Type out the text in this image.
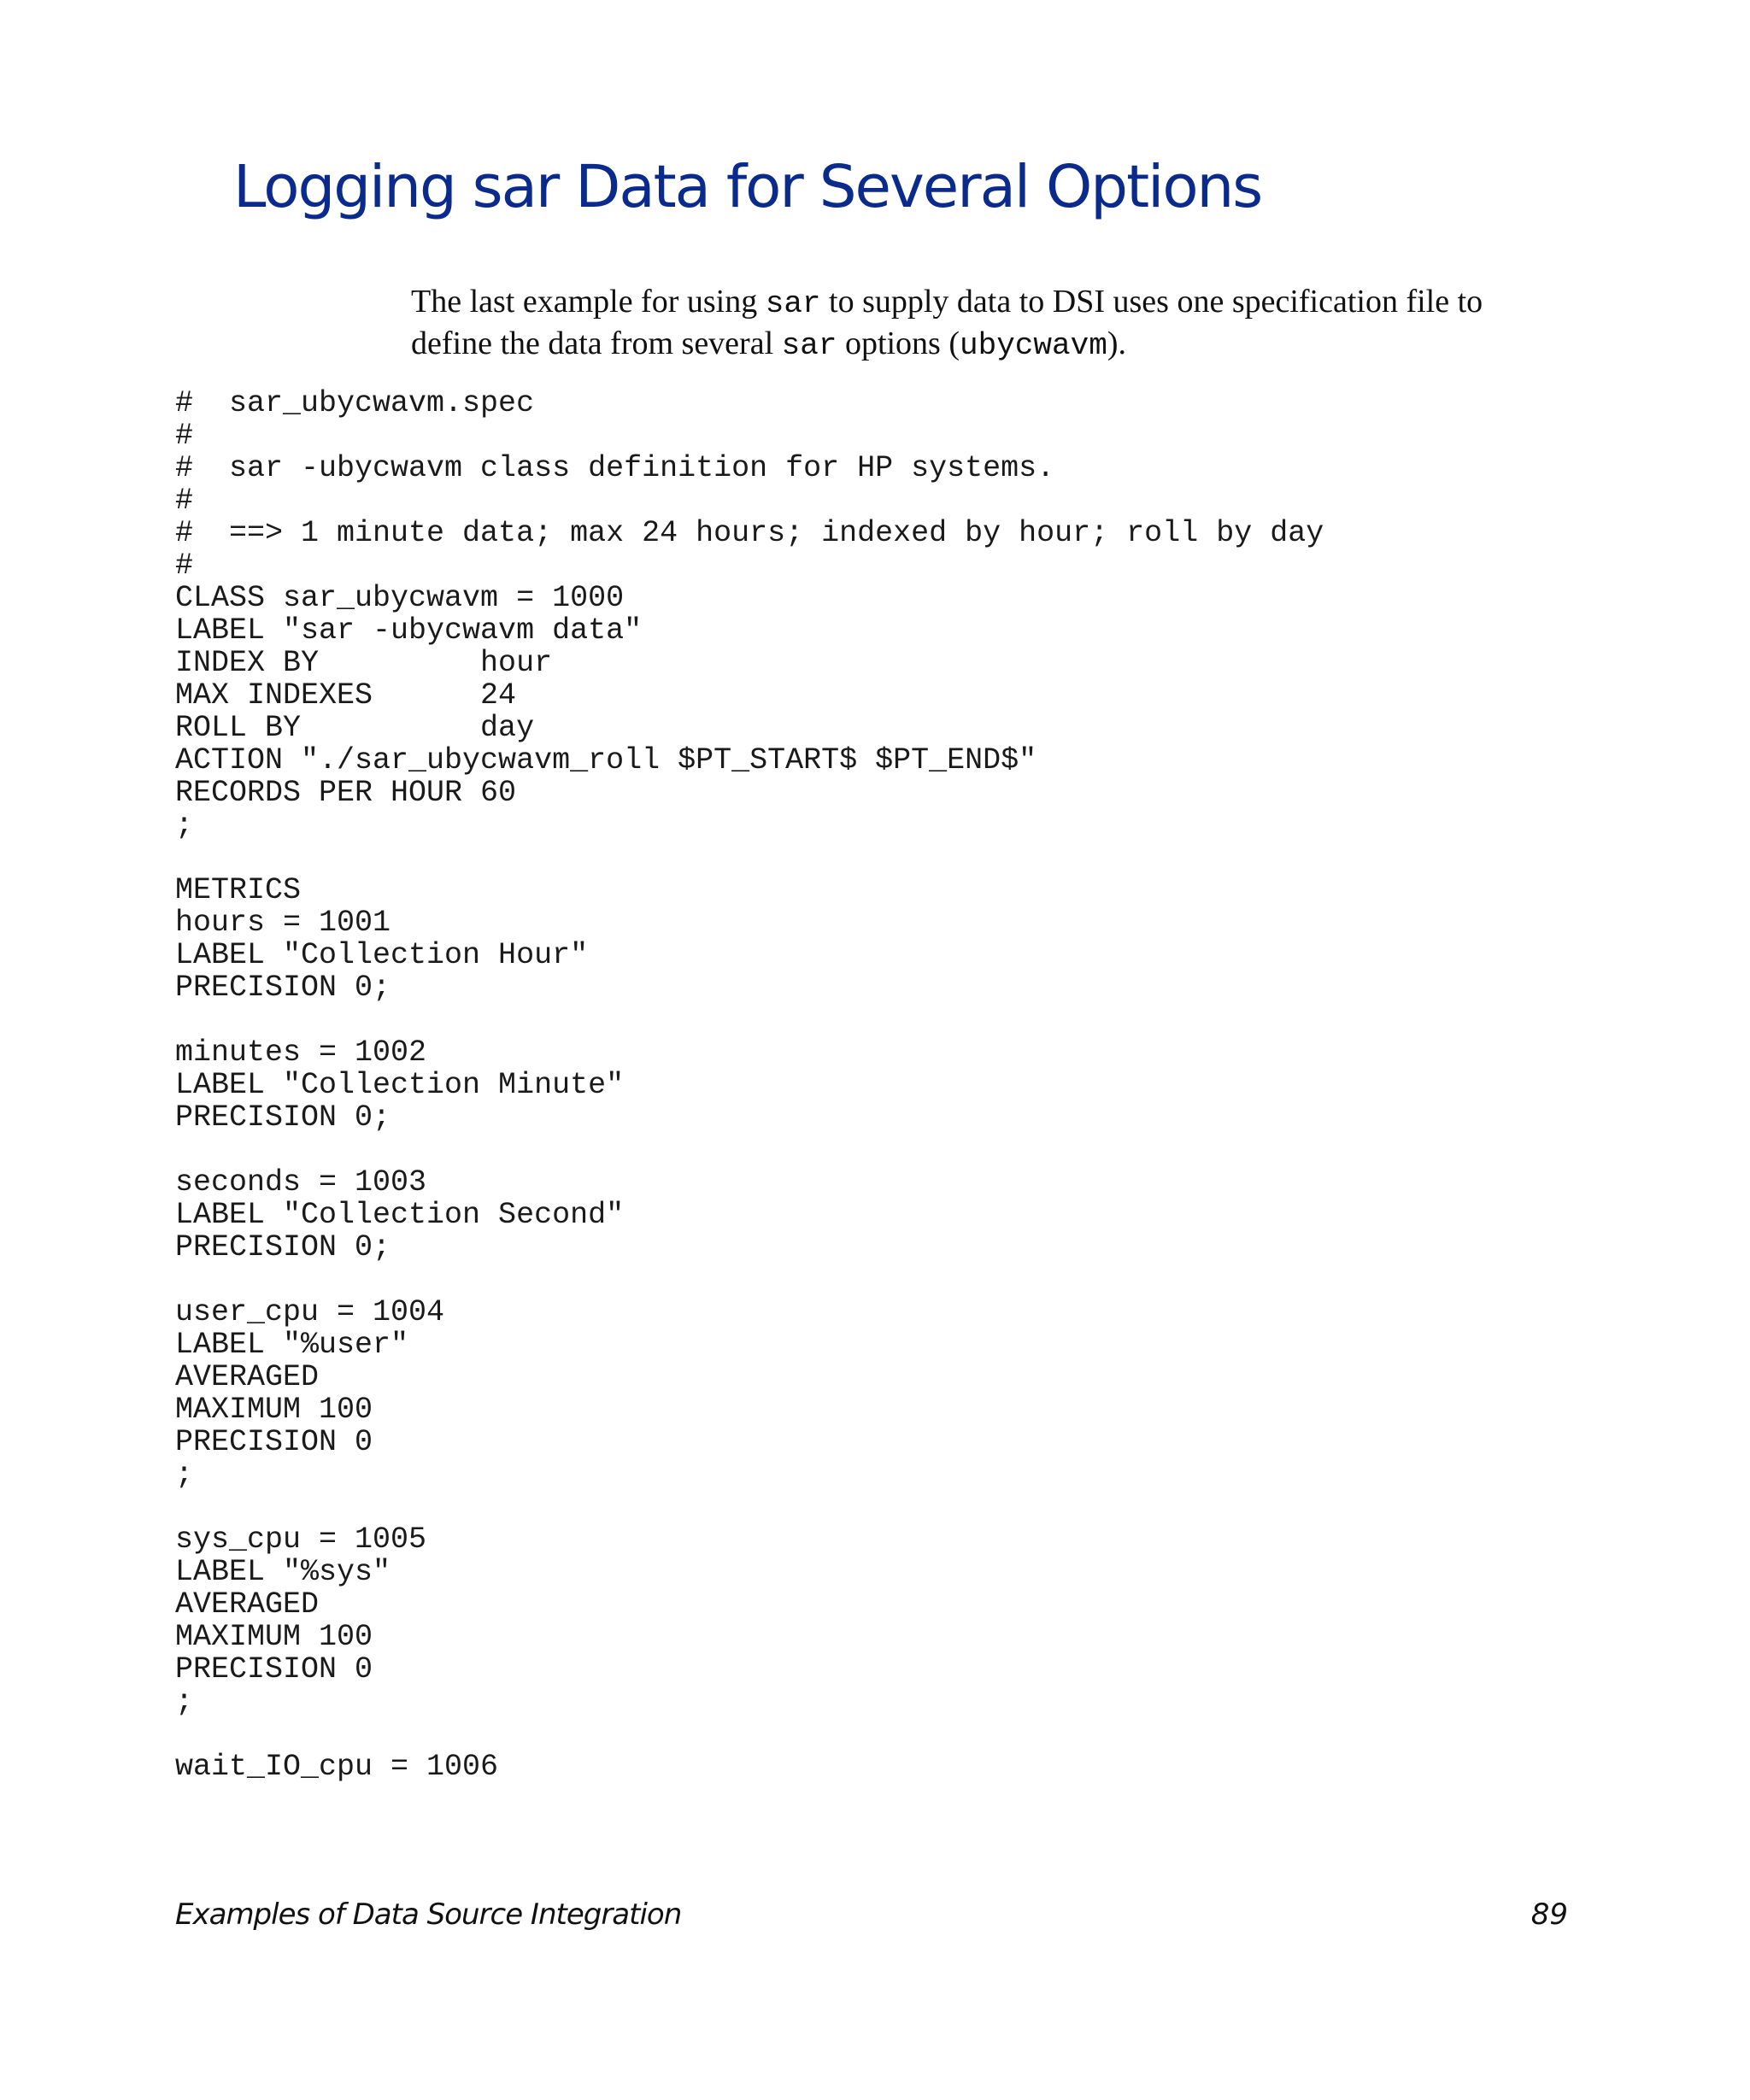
Logging sar Data for Several Options

The last example for using sar to supply data to DSI uses one specification file to define the data from several sar options (ubycwavm).

#  sar_ubycwavm.spec
#
#  sar -ubycwavm class definition for HP systems.
#
#  ==> 1 minute data; max 24 hours; indexed by hour; roll by day
#
CLASS sar_ubycwavm = 1000
LABEL "sar -ubycwavm data"
INDEX BY         hour
MAX INDEXES      24
ROLL BY          day
ACTION "./sar_ubycwavm_roll $PT_START$ $PT_END$"
RECORDS PER HOUR 60
;
METRICS
hours = 1001
LABEL "Collection Hour"
PRECISION 0;
minutes = 1002
LABEL "Collection Minute"
PRECISION 0;
seconds = 1003
LABEL "Collection Second"
PRECISION 0;
user_cpu = 1004
LABEL "%user"
AVERAGED
MAXIMUM 100
PRECISION 0
;
sys_cpu = 1005
LABEL "%sys"
AVERAGED
MAXIMUM 100
PRECISION 0
;
wait_IO_cpu = 1006
Examples of Data Source Integration	89
